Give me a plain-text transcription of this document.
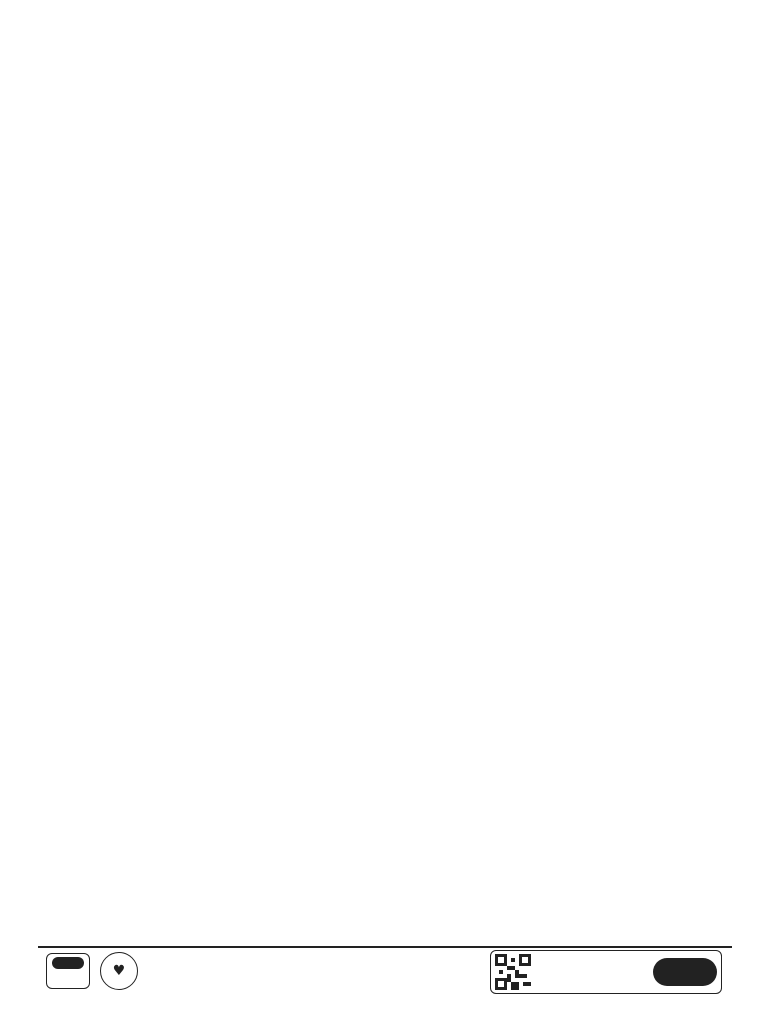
♥
